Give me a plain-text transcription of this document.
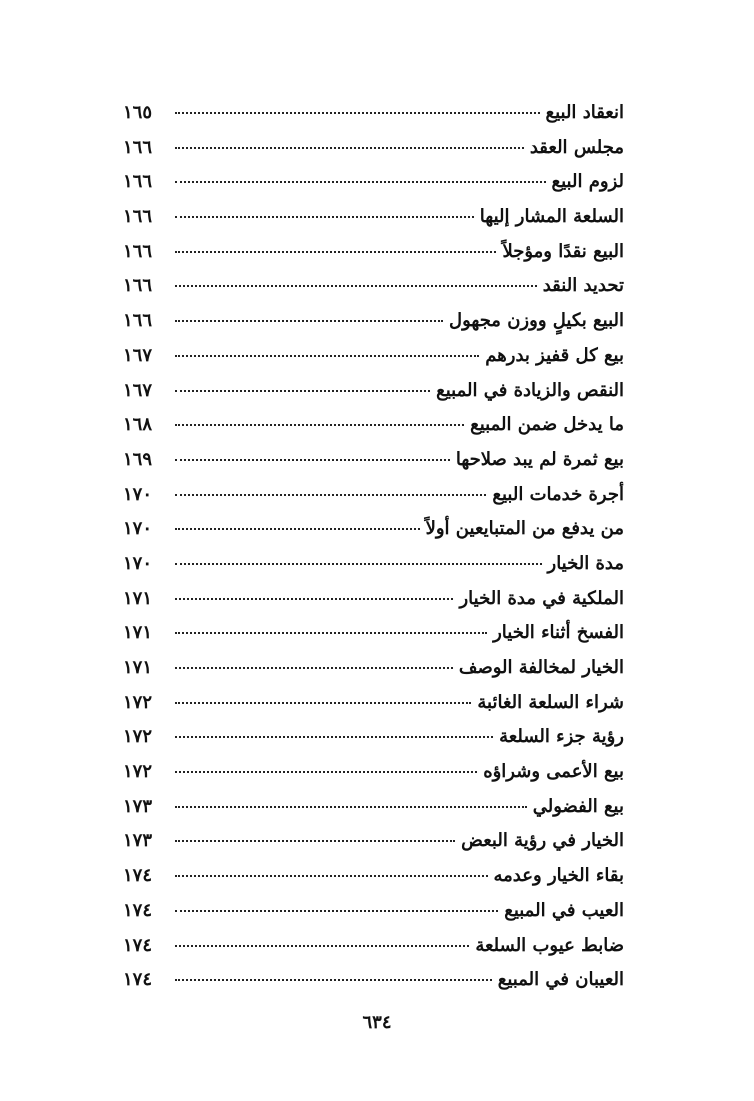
انعقاد البيع
١٦٥
مجلس العقد
١٦٦
لزوم البيع
١٦٦
السلعة المشار إليها
١٦٦
البيع نقدًا ومؤجلاً
١٦٦
تحديد النقد
١٦٦
البيع بكيلٍ ووزن مجهول
١٦٦
بيع كل قفيز بدرهم
١٦٧
النقص والزيادة في المبيع
١٦٧
ما يدخل ضمن المبيع
١٦٨
بيع ثمرة لم يبد صلاحها
١٦٩
أجرة خدمات البيع
١٧٠
من يدفع من المتبايعين أولاً
١٧٠
مدة الخيار
١٧٠
الملكية في مدة الخيار
١٧١
الفسخ أثناء الخيار
١٧١
الخيار لمخالفة الوصف
١٧١
شراء السلعة الغائبة
١٧٢
رؤية جزء السلعة
١٧٢
بيع الأعمى وشراؤه
١٧٢
بيع الفضولي
١٧٣
الخيار في رؤية البعض
١٧٣
بقاء الخيار وعدمه
١٧٤
العيب في المبيع
١٧٤
ضابط عيوب السلعة
١٧٤
العيبان في المبيع
١٧٤
٦٣٤
